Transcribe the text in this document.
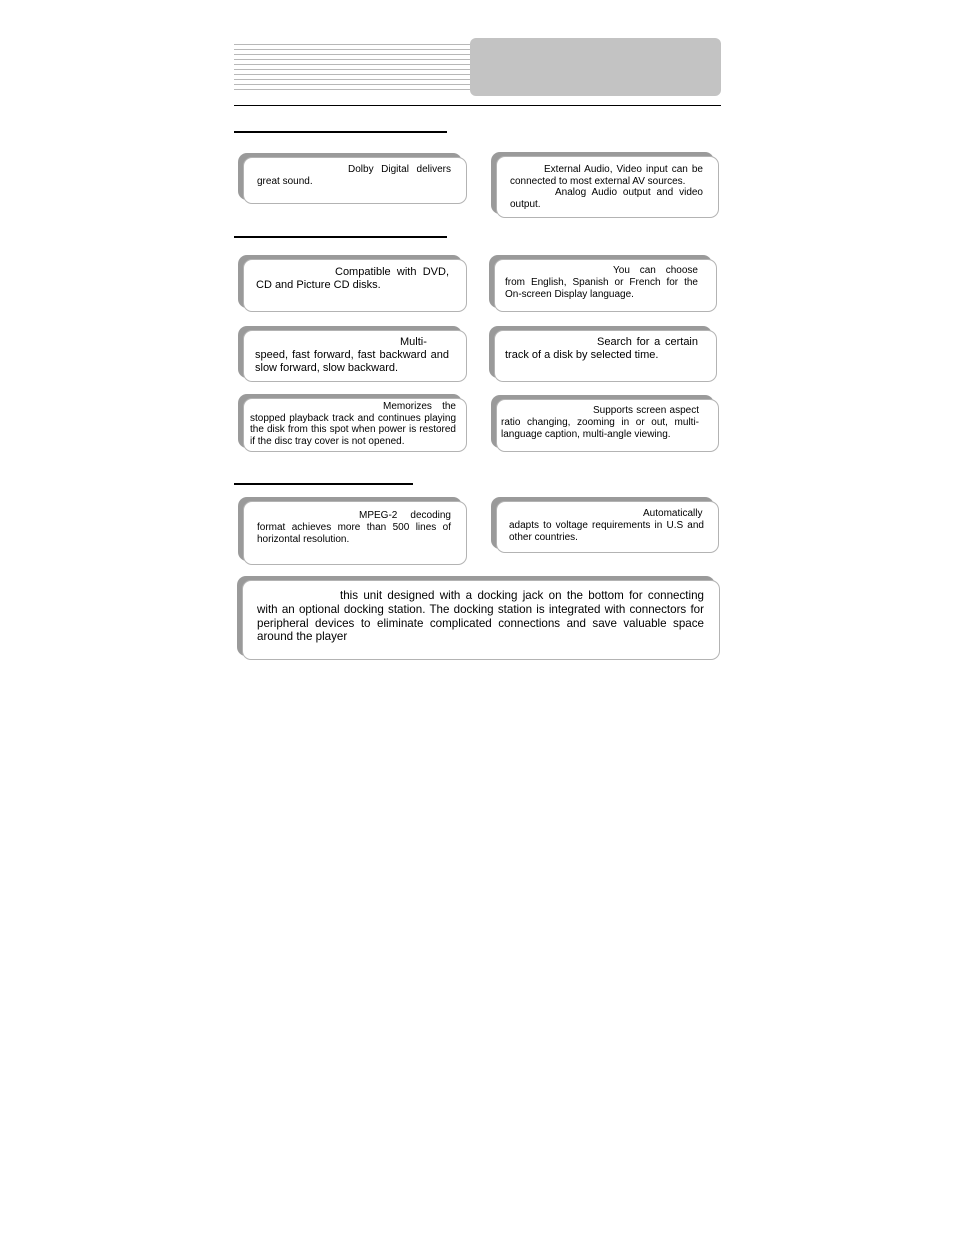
Dolby Digital delivers great sound.
External Audio, Video input can be connected to most external AV sources.
Analog Audio output and video output.
Compatible with DVD, CD and Picture CD disks.
You can choose from English, Spanish or French for the On-screen Display language.
Multi-speed, fast forward, fast backward and slow forward, slow backward.
Search for a certain track of a disk by selected time.
Memorizes the stopped playback track and continues playing the disk from this spot when power is restored if the disc tray cover is not opened.
Supports screen aspect ratio changing, zooming in or out, multi-language caption, multi-angle viewing.
MPEG-2 decoding format achieves more than 500 lines of horizontal resolution.
Automatically adapts to voltage requirements in U.S and other countries.
this unit designed with a docking jack on the bottom for connecting with an optional docking station. The docking station is integrated with connectors for peripheral devices to eliminate complicated connections and save valuable space around the player
